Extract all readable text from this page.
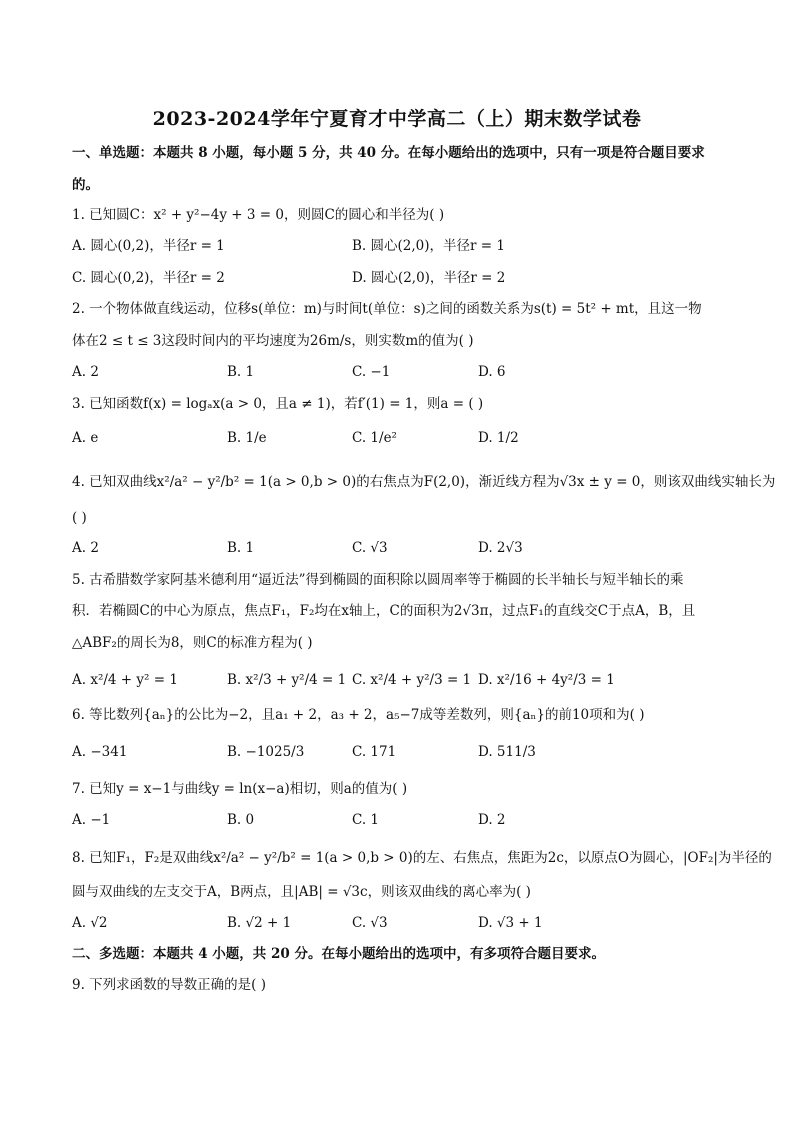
2023-2024学年宁夏育才中学高二（上）期末数学试卷
一、单选题：本题共 8 小题，每小题 5 分，共 40 分。在每小题给出的选项中，只有一项是符合题目要求
的。
1. 已知圆C：x² + y²−4y + 3 = 0，则圆C的圆心和半径为( )
A. 圆心(0,2)，半径r = 1	B. 圆心(2,0)，半径r = 1
C. 圆心(0,2)，半径r = 2	D. 圆心(2,0)，半径r = 2
2. 一个物体做直线运动，位移s(单位：m)与时间t(单位：s)之间的函数关系为s(t) = 5t² + mt，且这一物
体在2 ≤ t ≤ 3这段时间内的平均速度为26m/s，则实数m的值为( )
A. 2	B. 1	C. −1	D. 6
3. 已知函数f(x) = logₐx(a > 0，且a ≠ 1)，若f′(1) = 1，则a = ( )
A. e	B. 1/e	C. 1/e²	D. 1/2
4. 已知双曲线x²/a² − y²/b² = 1(a > 0,b > 0)的右焦点为F(2,0)，渐近线方程为√3x ± y = 0，则该双曲线实轴长为
( )
A. 2	B. 1	C. √3	D. 2√3
5. 古希腊数学家阿基米德利用“逼近法”得到椭圆的面积除以圆周率等于椭圆的长半轴长与短半轴长的乘
积．若椭圆C的中心为原点，焦点F₁，F₂均在x轴上，C的面积为2√3π，过点F₁的直线交C于点A，B，且
△ABF₂的周长为8，则C的标准方程为( )
A. x²/4 + y² = 1	B. x²/3 + y²/4 = 1 C. x²/4 + y²/3 = 1 D. x²/16 + 4y²/3 = 1
6. 等比数列{aₙ}的公比为−2，且a₁ + 2，a₃ + 2，a₅−7成等差数列，则{aₙ}的前10项和为( )
A. −341	B. −1025/3	C. 171	D. 511/3
7. 已知y = x−1与曲线y = ln(x−a)相切，则a的值为( )
A. −1	B. 0	C. 1	D. 2
8. 已知F₁，F₂是双曲线x²/a² − y²/b² = 1(a > 0,b > 0)的左、右焦点，焦距为2c，以原点O为圆心，|OF₂|为半径的
圆与双曲线的左支交于A，B两点，且|AB| = √3c，则该双曲线的离心率为( )
A. √2	B. √2 + 1	C. √3	D. √3 + 1
二、多选题：本题共 4 小题，共 20 分。在每小题给出的选项中，有多项符合题目要求。
9. 下列求函数的导数正确的是( )
